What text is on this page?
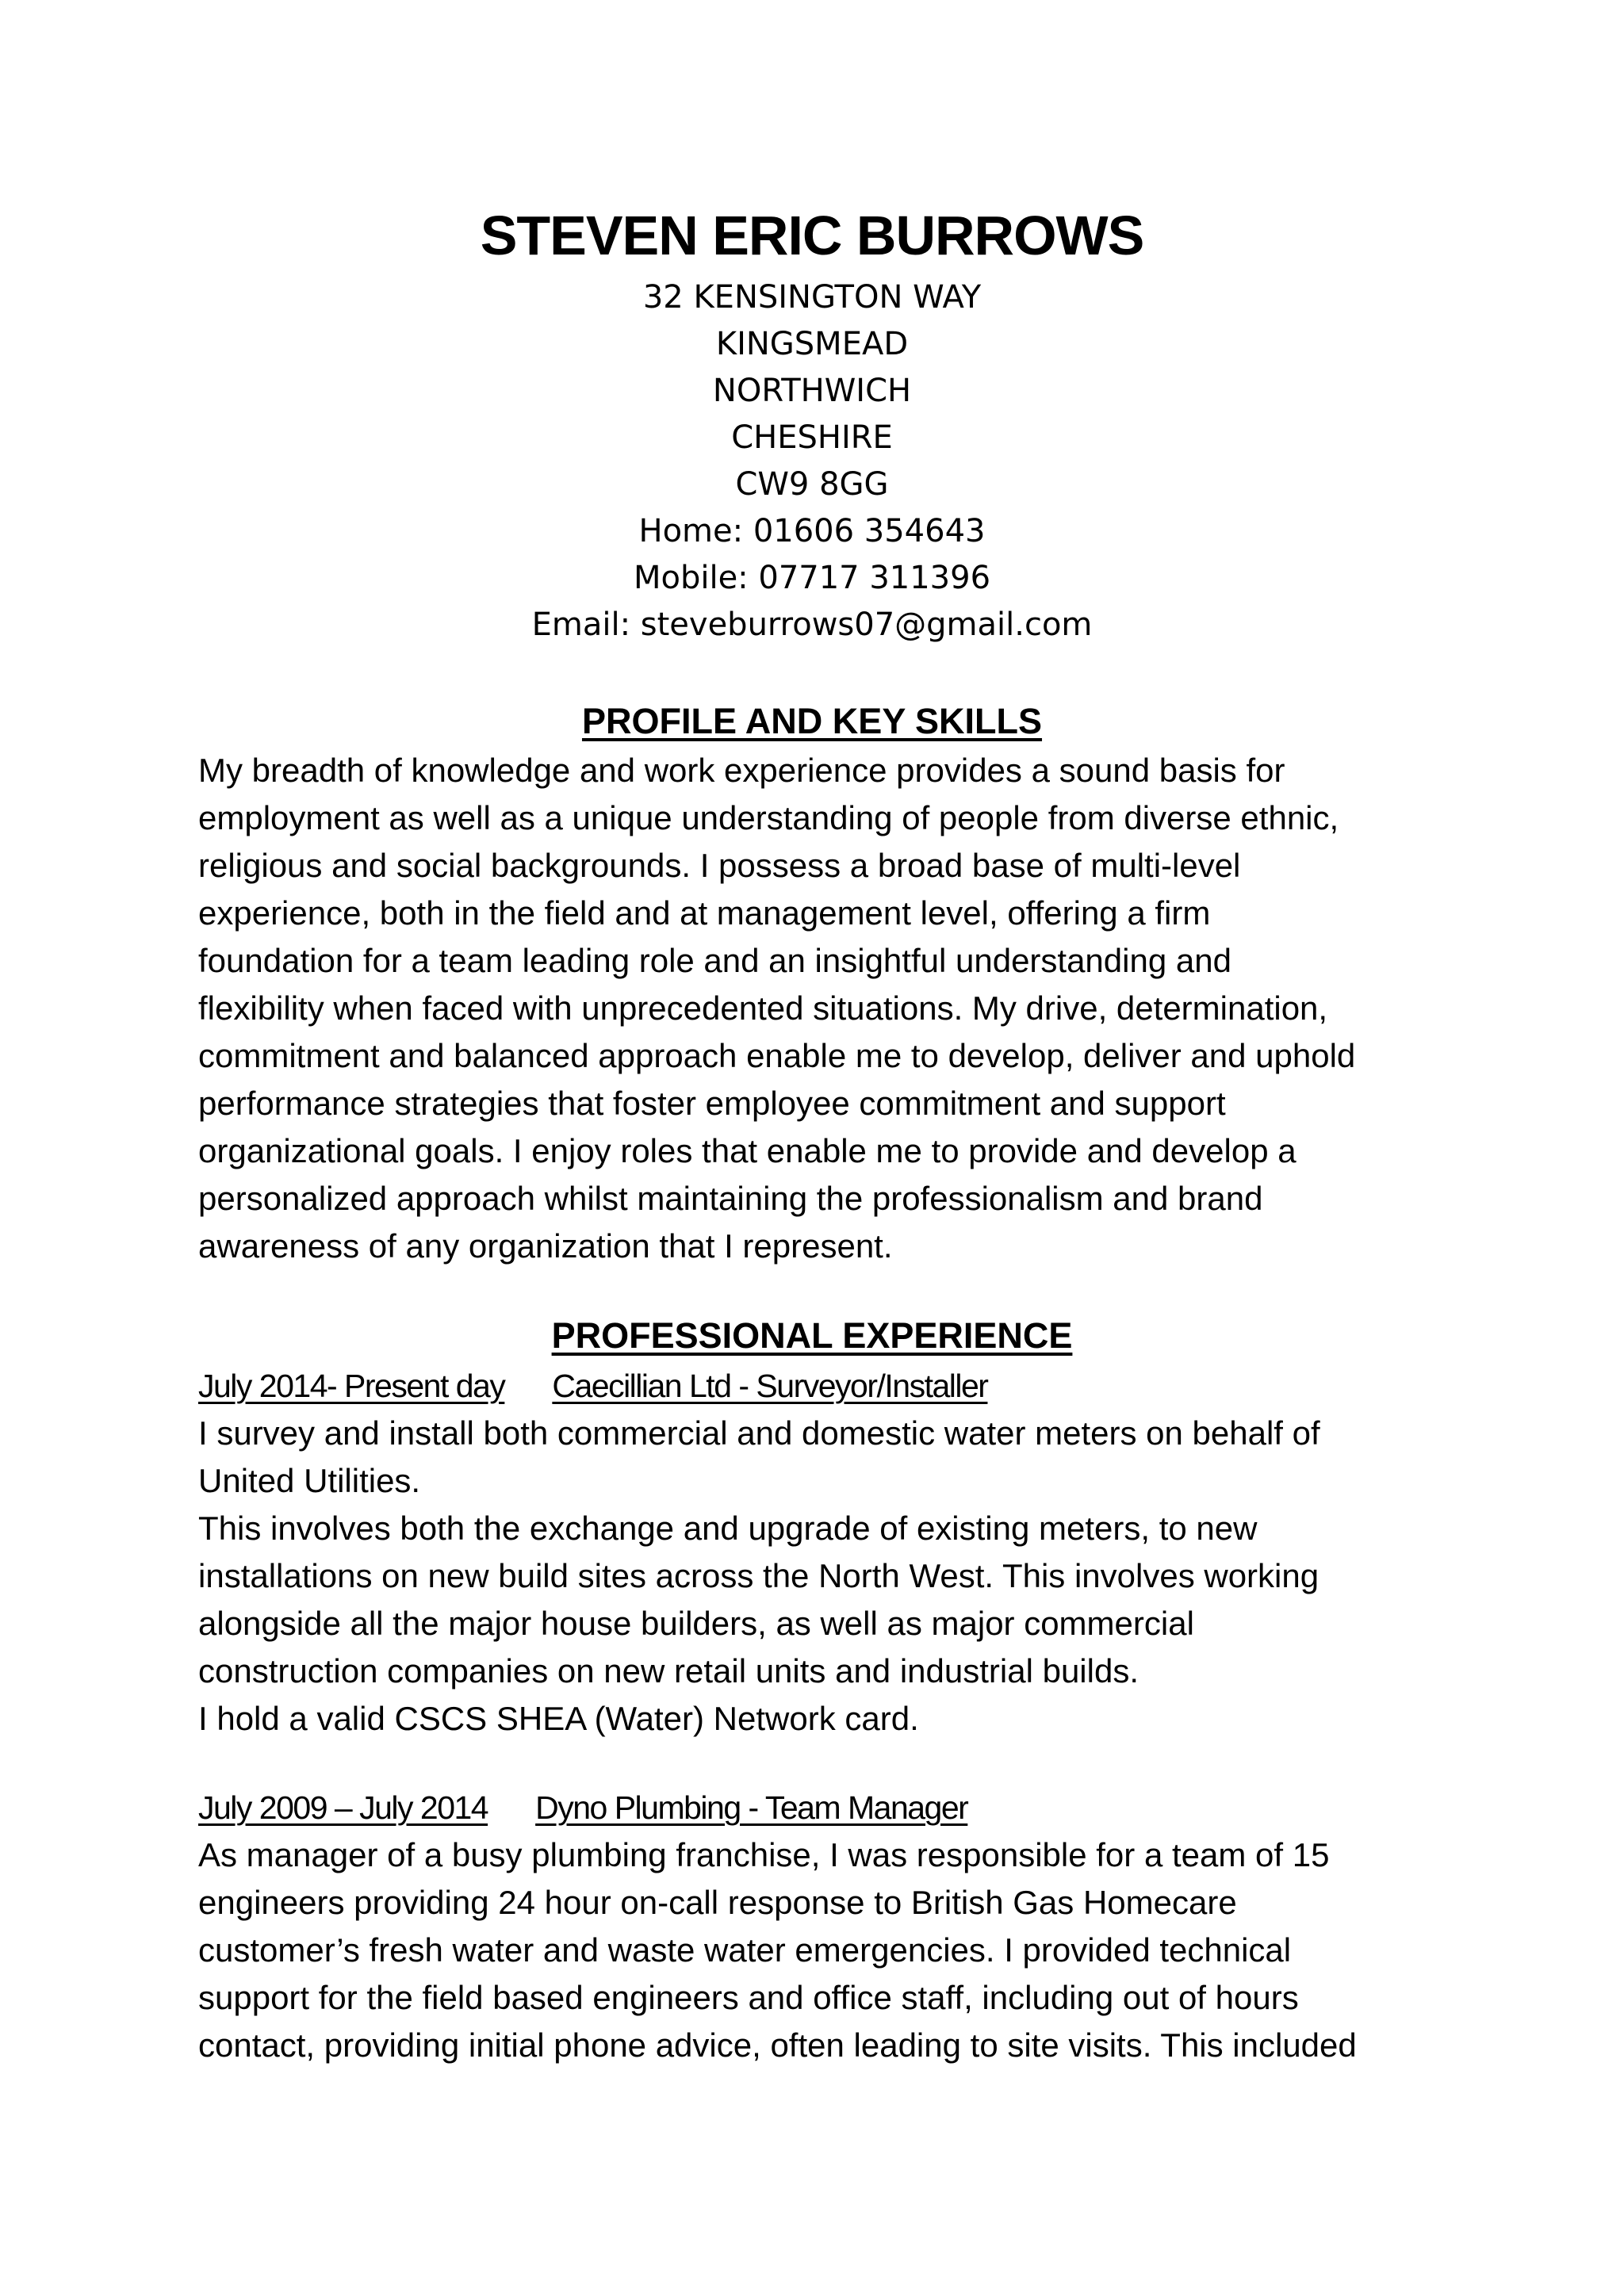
STEVEN ERIC BURROWS
32 KENSINGTON WAY
KINGSMEAD
NORTHWICH
CHESHIRE
CW9 8GG
Home: 01606 354643
Mobile: 07717 311396
Email: steveburrows07@gmail.com
PROFILE AND KEY SKILLS
My breadth of knowledge and work experience provides a sound basis for
employment as well as a unique understanding of people from diverse ethnic,
religious and social backgrounds. I possess a broad base of multi-level
experience, both in the field and at management level, offering a firm
foundation for a team leading role and an insightful understanding and
flexibility when faced with unprecedented situations. My drive, determination,
commitment and balanced approach enable me to develop, deliver and uphold
performance strategies that foster employee commitment and support
organizational goals. I enjoy roles that enable me to provide and develop a
personalized approach whilst maintaining the professionalism and brand
awareness of any organization that I represent.
PROFESSIONAL EXPERIENCE
July 2014- Present day Caecillian Ltd - Surveyor/Installer
I survey and install both commercial and domestic water meters on behalf of
United Utilities.
This involves both the exchange and upgrade of existing meters, to new
installations on new build sites across the North West. This involves working
alongside all the major house builders, as well as major commercial
construction companies on new retail units and industrial builds.
I hold a valid CSCS SHEA (Water) Network card.
July 2009 – July 2014 Dyno Plumbing - Team Manager
As manager of a busy plumbing franchise, I was responsible for a team of 15
engineers providing 24 hour on-call response to British Gas Homecare
customer’s fresh water and waste water emergencies. I provided technical
support for the field based engineers and office staff, including out of hours
contact, providing initial phone advice, often leading to site visits. This included
